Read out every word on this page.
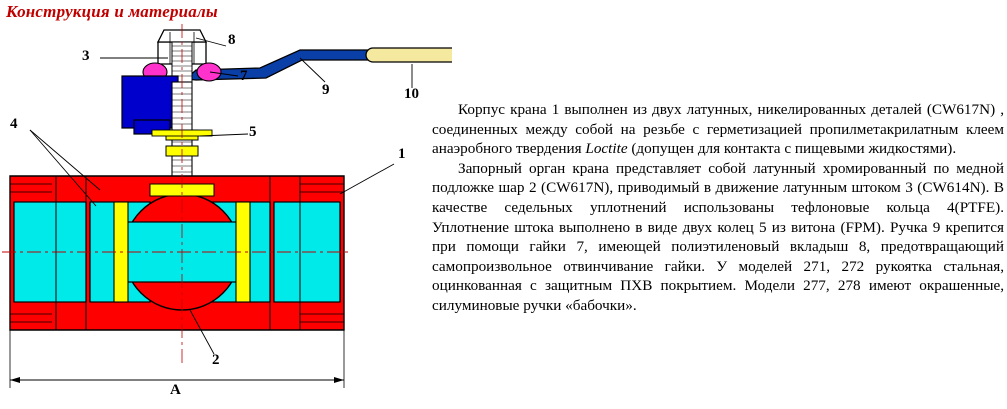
Конструкция и материалы
1
2
3
4	5
7
8
9	10
A

Корпус крана 1 выполнен из двух латунных, никелированных деталей (CW617N) , соединенных между собой на резьбе с герметизацией пропилметакрилатным клеем анаэробного твердения Loctite (допущен для контакта с пищевыми жидкостями).

Запорный орган крана представляет собой латунный хромированный по медной подложке шар 2 (CW617N), приводимый в движение латунным штоком 3 (CW614N). В качестве седельных уплотнений использованы тефлоновые кольца 4(PTFE). Уплотнение штока выполнено в виде двух колец 5 из витона (FPM). Ручка 9 крепится при помощи гайки 7, имеющей полиэтиленовый вкладыш 8, предотвращающий самопроизвольное отвинчивание гайки. У моделей 271, 272 рукоятка стальная, оцинкованная с защитным ПХВ покрытием. Модели 277, 278 имеют окрашенные, силуминовые ручки «бабочки».
